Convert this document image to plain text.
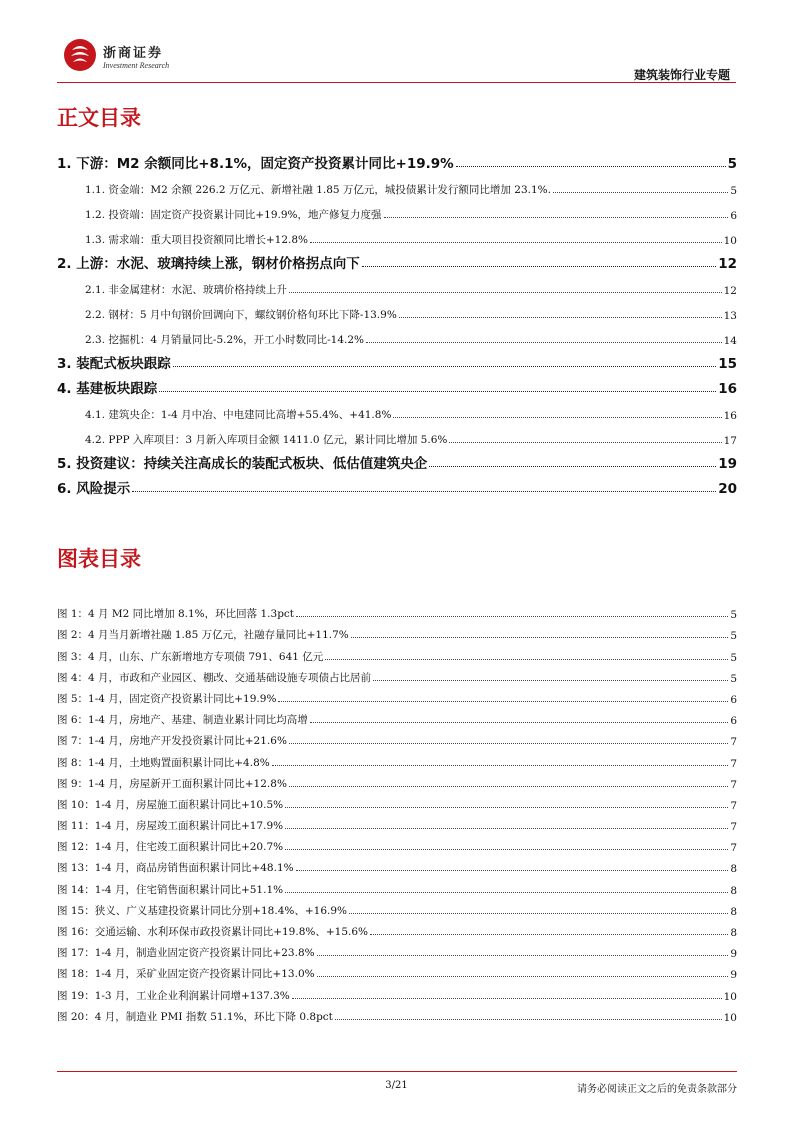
浙商证券
Investment Research
建筑装饰行业专题
正文目录
1. 下游：M2 余额同比+8.1%，固定资产投资累计同比+19.9%	5
1.1. 资金端：M2 余额 226.2 万亿元、新增社融 1.85 万亿元，城投债累计发行额同比增加 23.1%.	5
1.2. 投资端：固定资产投资累计同比+19.9%，地产修复力度强	6
1.3. 需求端：重大项目投资额同比增长+12.8%	10
2. 上游：水泥、玻璃持续上涨，钢材价格拐点向下	12
2.1. 非金属建材：水泥、玻璃价格持续上升	12
2.2. 钢材：5 月中旬钢价回调向下，螺纹钢价格旬环比下降-13.9%	13
2.3. 挖掘机：4 月销量同比-5.2%，开工小时数同比-14.2%	14
3. 装配式板块跟踪	15
4. 基建板块跟踪	16
4.1. 建筑央企：1-4 月中冶、中电建同比高增+55.4%、+41.8%	16
4.2. PPP 入库项目：3 月新入库项目金额 1411.0 亿元，累计同比增加 5.6%	17
5. 投资建议：持续关注高成长的装配式板块、低估值建筑央企	19
6. 风险提示	20
图表目录
图 1：4 月 M2 同比增加 8.1%，环比回落 1.3pct	5
图 2：4 月当月新增社融 1.85 万亿元，社融存量同比+11.7%	5
图 3：4 月，山东、广东新增地方专项债 791、641 亿元	5
图 4：4 月，市政和产业园区、棚改、交通基础设施专项债占比居前	5
图 5：1-4 月，固定资产投资累计同比+19.9%	6
图 6：1-4 月，房地产、基建、制造业累计同比均高增	6
图 7：1-4 月，房地产开发投资累计同比+21.6%	7
图 8：1-4 月，土地购置面积累计同比+4.8%	7
图 9：1-4 月，房屋新开工面积累计同比+12.8%	7
图 10：1-4 月，房屋施工面积累计同比+10.5%	7
图 11：1-4 月，房屋竣工面积累计同比+17.9%	7
图 12：1-4 月，住宅竣工面积累计同比+20.7%	7
图 13：1-4 月，商品房销售面积累计同比+48.1%	8
图 14：1-4 月，住宅销售面积累计同比+51.1%	8
图 15：狭义、广义基建投资累计同比分别+18.4%、+16.9%	8
图 16：交通运输、水利环保市政投资累计同比+19.8%、+15.6%	8
图 17：1-4 月，制造业固定资产投资累计同比+23.8%	9
图 18：1-4 月，采矿业固定资产投资累计同比+13.0%	9
图 19：1-3 月，工业企业利润累计同增+137.3%	10
图 20：4 月，制造业 PMI 指数 51.1%，环比下降 0.8pct	10
3/21	请务必阅读正文之后的免责条款部分
